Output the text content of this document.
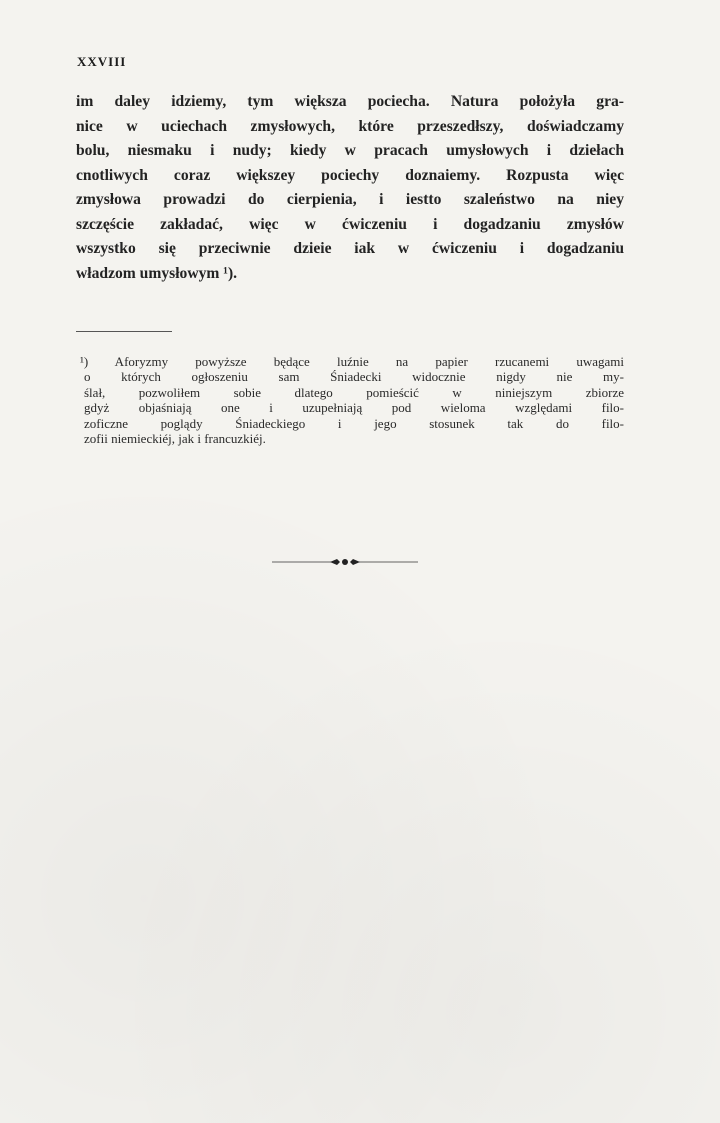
XXVIII
im daley idziemy, tym większa pociecha. Natura położyła gra-
nice w uciechach zmysłowych, które przeszedłszy, doświadczamy
bolu, niesmaku i nudy; kiedy w pracach umysłowych i dziełach
cnotliwych coraz większey pociechy doznaiemy. Rozpusta więc
zmysłowa prowadzi do cierpienia, i iestto szaleństwo na niey
szczęście zakładać, więc w ćwiczeniu i dogadzaniu zmysłów
wszystko się przeciwnie dzieie iak w ćwiczeniu i dogadzaniu
władzom umysłowym ¹).
¹) Aforyzmy powyższe będące luźnie na papier rzucanemi uwagami
o których ogłoszeniu sam Śniadecki widocznie nigdy nie my-
ślał, pozwoliłem sobie dlatego pomieścić w niniejszym zbiorze
gdyż objaśniają one i uzupełniają pod wieloma względami filo-
zoficzne poglądy Śniadeckiego i jego stosunek tak do filo-
zofii niemieckiéj, jak i francuzkiéj.
